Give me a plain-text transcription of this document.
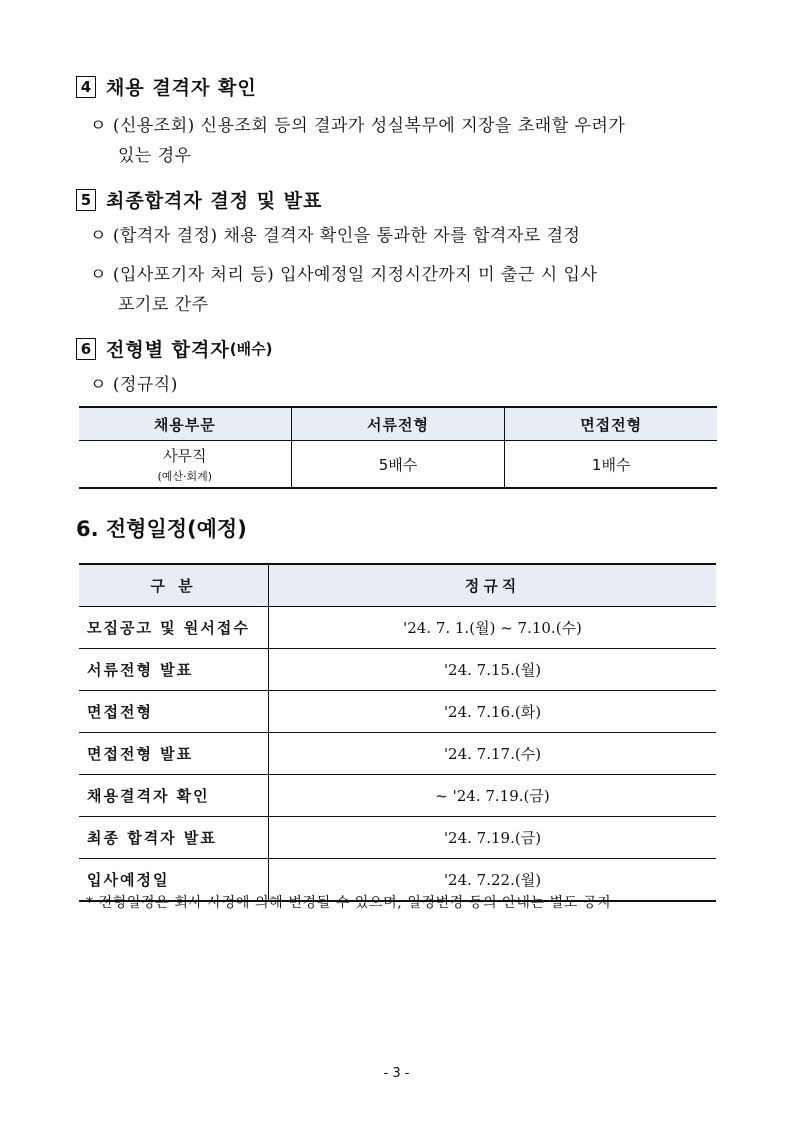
4 채용 결격자 확인
ㅇ (신용조회) 신용조회 등의 결과가 성실복무에 지장을 초래할 우려가
있는 경우
5 최종합격자 결정 및 발표
ㅇ (합격자 결정) 채용 결격자 확인을 통과한 자를 합격자로 결정
ㅇ (입사포기자 처리 등) 입사예정일 지정시간까지 미 출근 시 입사
포기로 간주
6 전형별 합격자 (배수)
ㅇ (정규직)
채용부문	서류전형	면접전형
사무직
(예산·회계)	5배수	1배수
6. 전형일정(예정)
구 분	정규직
모집공고 및 원서접수	'24. 7. 1.(월) ~ 7.10.(수)
서류전형 발표	'24. 7.15.(월)
면접전형	'24. 7.16.(화)
면접전형 발표	'24. 7.17.(수)
채용결격자 확인	~ '24. 7.19.(금)
최종 합격자 발표	'24. 7.19.(금)
입사예정일	'24. 7.22.(월)
* 전형일정은 회사 사정에 의해 변경될 수 있으며, 일정변경 등의 안내는 별도 공지
- 3 -
